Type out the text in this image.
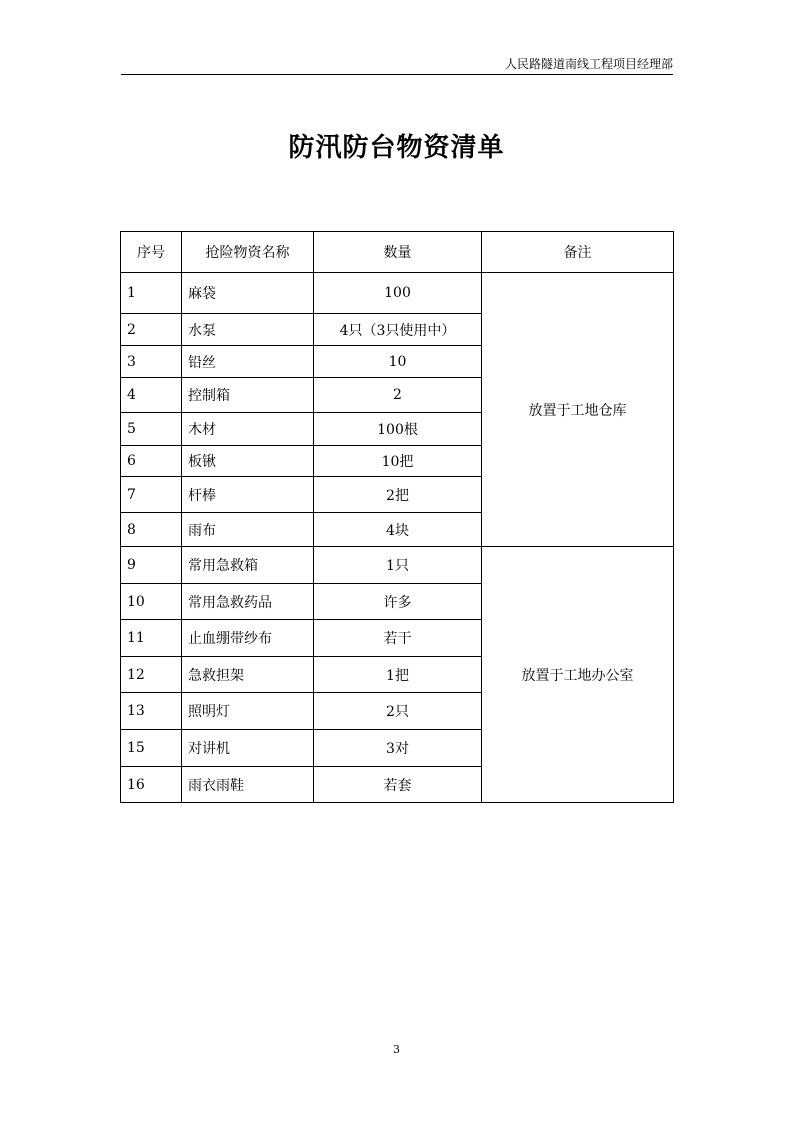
人民路隧道南线工程项目经理部
防汛防台物资清单
序号	抢险物资名称	数量	备注
1	麻袋	100	放置于工地仓库
2	水泵	4只（3只使用中）	
3	铅丝	10	
4	控制箱	2	
5	木材	100根	
6	板锹	10把	
7	杆棒	2把	
8	雨布	4块	
9	常用急救箱	1只	放置于工地办公室
10	常用急救药品	许多	
11	止血绷带纱布	若干	
12	急救担架	1把	
13	照明灯	2只	
15	对讲机	3对	
16	雨衣雨鞋	若套	
3
